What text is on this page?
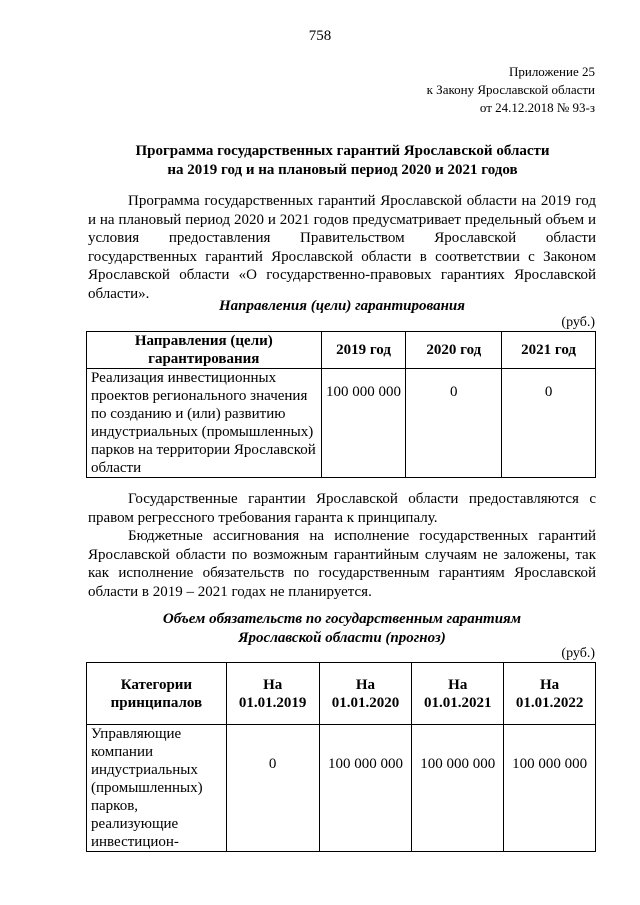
758
Приложение 25
к Закону Ярославской области
от 24.12.2018 № 93-з
Программа государственных гарантий Ярославской области
на 2019 год и на плановый период 2020 и 2021 годов
Программа государственных гарантий Ярославской области на 2019 год и на плановый период 2020 и 2021 годов предусматривает предельный объем и условия предоставления Правительством Ярославской области государственных гарантий Ярославской области в соответствии с Законом Ярославской области «О государственно-правовых гарантиях Ярославской области».
Направления (цели) гарантирования
(руб.)
Направления (цели) гарантирования	2019 год	2020 год	2021 год
Реализация инвестиционных проектов регионального значения по созданию и (или) развитию индустриальных (промышленных) парков на территории Ярославской области	100 000 000	0	0
Государственные гарантии Ярославской области предоставляются с правом регрессного требования гаранта к принципалу.
Бюджетные ассигнования на исполнение государственных гарантий Ярославской области по возможным гарантийным случаям не заложены, так как исполнение обязательств по государственным гарантиям Ярославской области в 2019 – 2021 годах не планируется.
Объем обязательств по государственным гарантиям
Ярославской области (прогноз)
(руб.)
Категории принципалов	На 01.01.2019	На 01.01.2020	На 01.01.2021	На 01.01.2022
Управляющие компании индустриальных (промышленных) парков, реализующие инвестицион-	0	100 000 000	100 000 000	100 000 000
